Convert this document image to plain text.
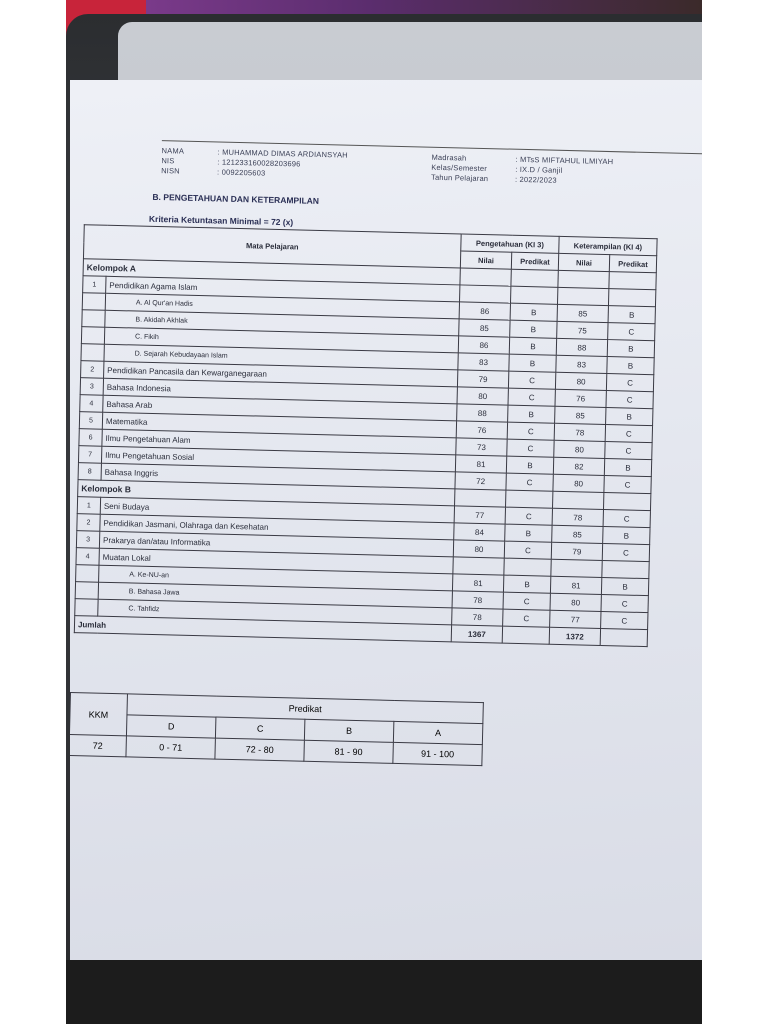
NAMA	: MUHAMMAD DIMAS ARDIANSYAH
NIS	: 121233160028203696
NISN	: 0092205603
Madrasah	: MTsS MIFTAHUL ILMIYAH
Kelas/Semester	: IX.D / Ganjil
Tahun Pelajaran	: 2022/2023
B. PENGETAHUAN DAN KETERAMPILAN
Kriteria Ketuntasan Minimal = 72 (x)
Mata Pelajaran		Pengetahuan (KI 3)		Keterampilan (KI 4)	
		Nilai	Predikat	Nilai	Predikat
Kelompok A					
1	Pendidikan Agama Islam				
	A. Al Qur'an Hadis	86	B	85	B
	B. Akidah Akhlak	85	B	75	C
	C. Fikih	86	B	88	B
	D. Sejarah Kebudayaan Islam	83	B	83	B
2	Pendidikan Pancasila dan Kewarganegaraan	79	C	80	C
3	Bahasa Indonesia	80	C	76	C
4	Bahasa Arab	88	B	85	B
5	Matematika	76	C	78	C
6	Ilmu Pengetahuan Alam	73	C	80	C
7	Ilmu Pengetahuan Sosial	81	B	82	B
8	Bahasa Inggris	72	C	80	C
Kelompok B					
1	Seni Budaya	77	C	78	C
2	Pendidikan Jasmani, Olahraga dan Kesehatan	84	B	85	B
3	Prakarya dan/atau Informatika	80	C	79	C
4	Muatan Lokal				
	A. Ke-NU-an	81	B	81	B
	B. Bahasa Jawa	78	C	80	C
	C. Tahfidz	78	C	77	C
Jumlah		1367		1372	
KKM	Predikat			
	D	C	B	A
72	0 - 71	72 - 80	81 - 90	91 - 100
